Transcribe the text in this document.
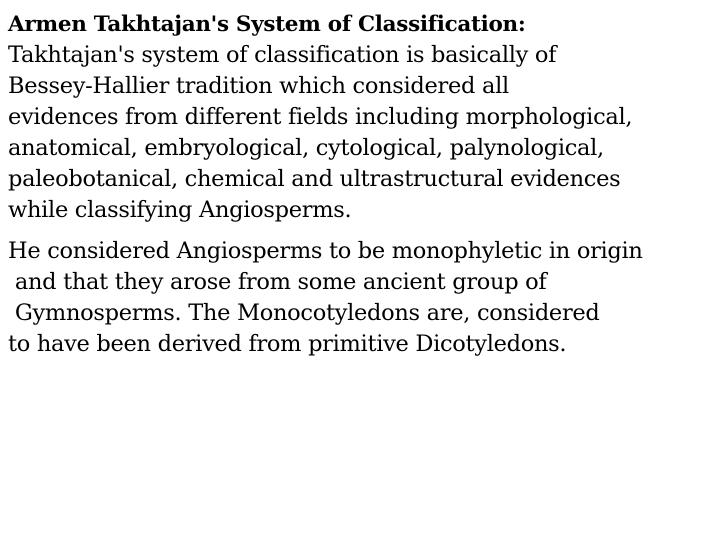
Armen Takhtajan's System of Classification:
Takhtajan's system of classification is basically of
Bessey-Hallier tradition which considered all
evidences from different fields including morphological,
anatomical, embryological, cytological, palynological,
paleobotanical, chemical and ultrastructural evidences
while classifying Angiosperms.
He considered Angiosperms to be monophyletic in origin
and that they arose from some ancient group of
Gymnosperms. The Monocotyledons are, considered
to have been derived from primitive Dicotyledons.
